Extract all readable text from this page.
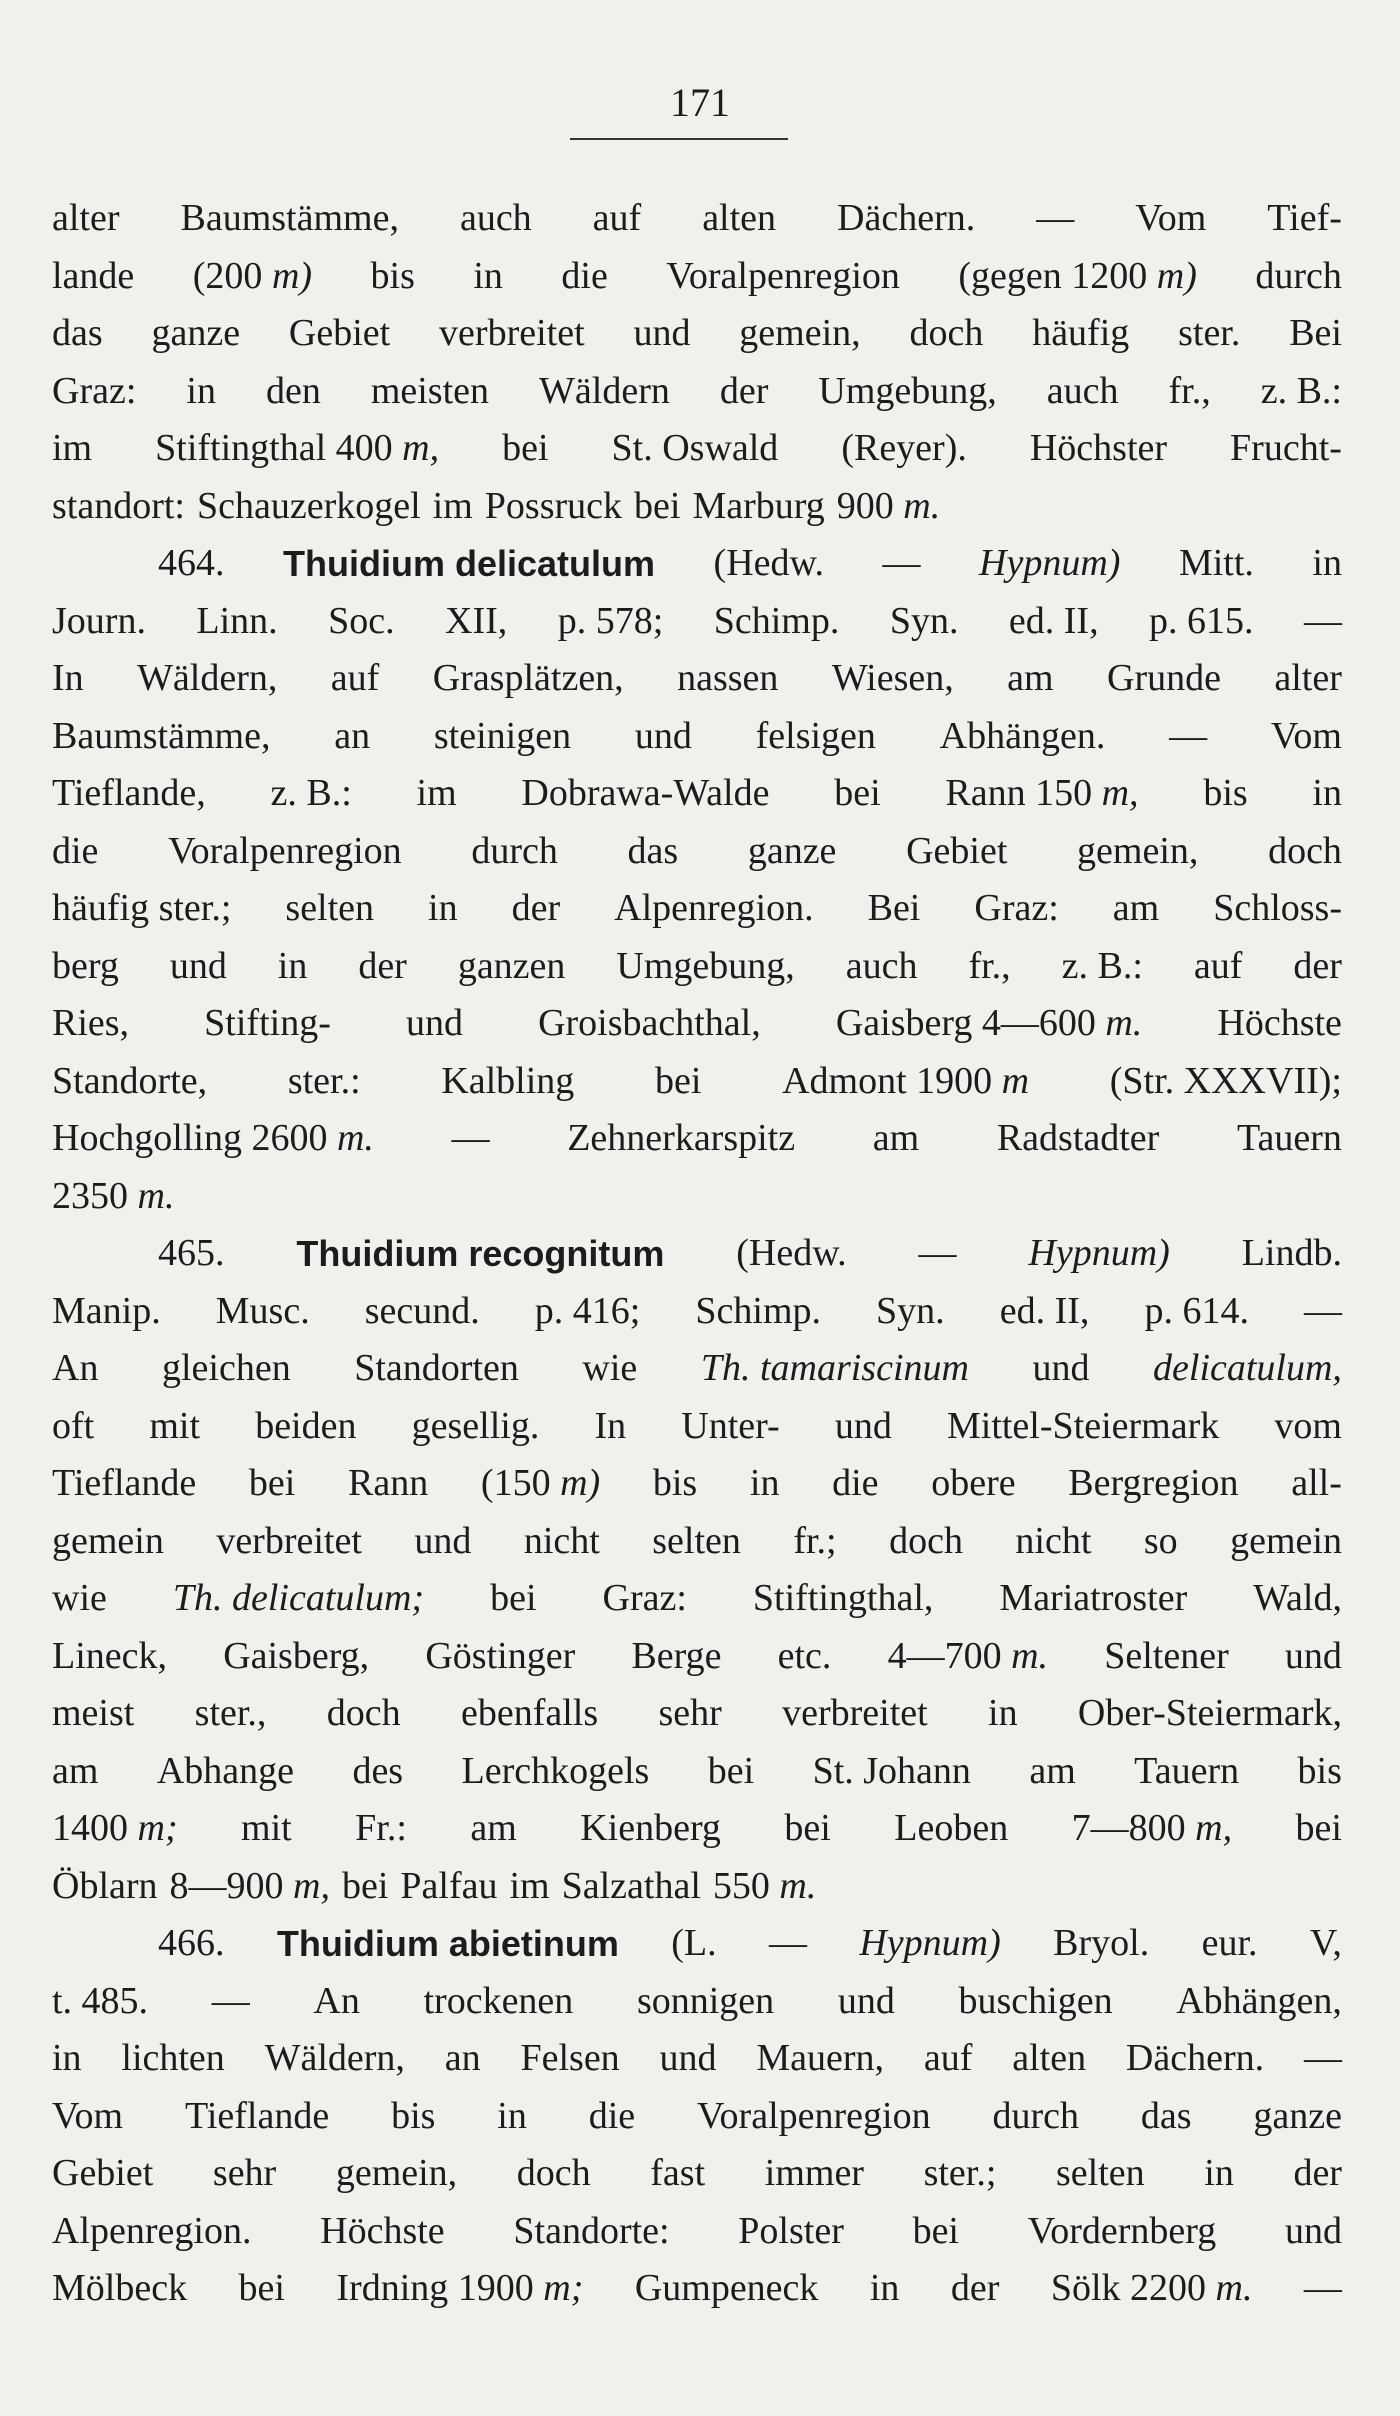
171
alter Baumstämme, auch auf alten Dächern. — Vom Tief-
lande (200 m) bis in die Voralpenregion (gegen 1200 m) durch
das ganze Gebiet verbreitet und gemein, doch häufig ster. Bei
Graz: in den meisten Wäldern der Umgebung, auch fr., z. B.:
im Stiftingthal 400 m, bei St. Oswald (Reyer). Höchster Frucht-
standort: Schauzerkogel im Possruck bei Marburg 900 m.
464. Thuidium delicatulum (Hedw. — Hypnum) Mitt. in
Journ. Linn. Soc. XII, p. 578; Schimp. Syn. ed. II, p. 615. —
In Wäldern, auf Grasplätzen, nassen Wiesen, am Grunde alter
Baumstämme, an steinigen und felsigen Abhängen. — Vom
Tieflande, z. B.: im Dobrawa-Walde bei Rann 150 m, bis in
die Voralpenregion durch das ganze Gebiet gemein, doch
häufig ster.; selten in der Alpenregion. Bei Graz: am Schloss-
berg und in der ganzen Umgebung, auch fr., z. B.: auf der
Ries, Stifting- und Groisbachthal, Gaisberg 4—600 m. Höchste
Standorte, ster.: Kalbling bei Admont 1900 m (Str. XXXVII);
Hochgolling 2600 m. — Zehnerkarspitz am Radstadter Tauern
2350 m.
465. Thuidium recognitum (Hedw. — Hypnum) Lindb.
Manip. Musc. secund. p. 416; Schimp. Syn. ed. II, p. 614. —
An gleichen Standorten wie Th. tamariscinum und delicatulum,
oft mit beiden gesellig. In Unter- und Mittel-Steiermark vom
Tieflande bei Rann (150 m) bis in die obere Bergregion all-
gemein verbreitet und nicht selten fr.; doch nicht so gemein
wie Th. delicatulum; bei Graz: Stiftingthal, Mariatroster Wald,
Lineck, Gaisberg, Göstinger Berge etc. 4—700 m. Seltener und
meist ster., doch ebenfalls sehr verbreitet in Ober-Steiermark,
am Abhange des Lerchkogels bei St. Johann am Tauern bis
1400 m; mit Fr.: am Kienberg bei Leoben 7—800 m, bei
Öblarn 8—900 m, bei Palfau im Salzathal 550 m.
466. Thuidium abietinum (L. — Hypnum) Bryol. eur. V,
t. 485. — An trockenen sonnigen und buschigen Abhängen,
in lichten Wäldern, an Felsen und Mauern, auf alten Dächern. —
Vom Tieflande bis in die Voralpenregion durch das ganze
Gebiet sehr gemein, doch fast immer ster.; selten in der
Alpenregion. Höchste Standorte: Polster bei Vordernberg und
Mölbeck bei Irdning 1900 m; Gumpeneck in der Sölk 2200 m. —
